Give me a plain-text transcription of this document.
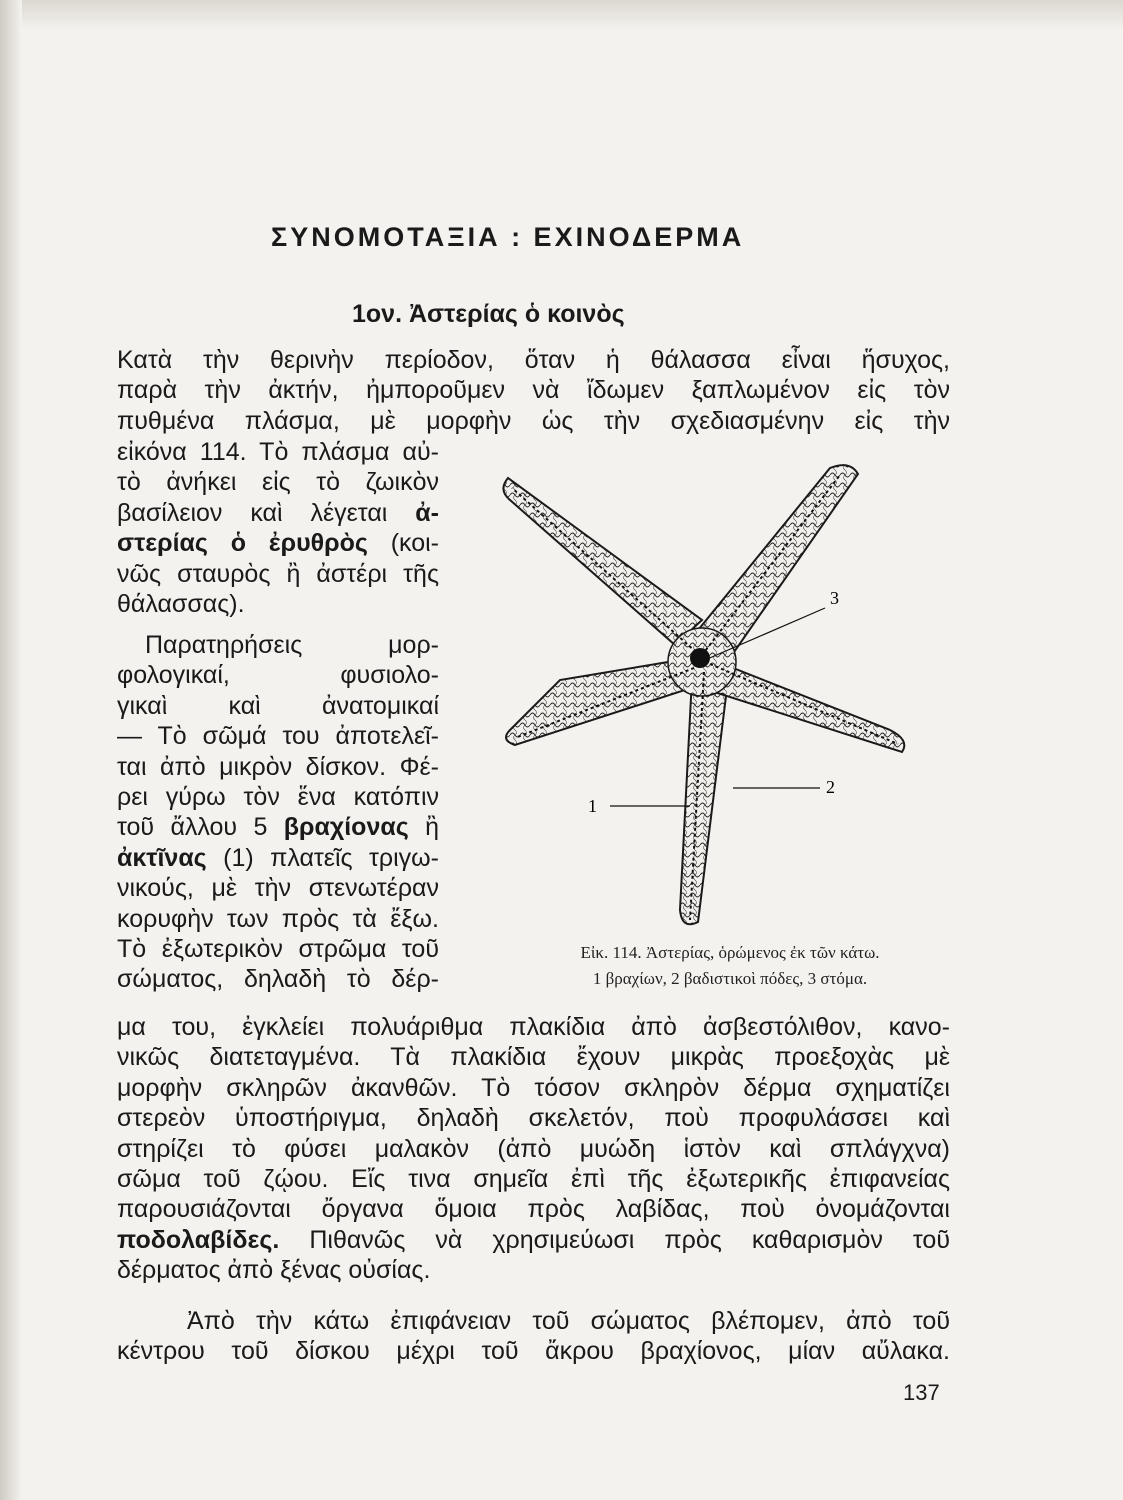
ΣΥΝΟΜΟΤΑΞΙΑ : ΕΧΙΝΟΔΕΡΜΑ
1ον. Ἀστερίας ὁ κοινὸς
Κατὰ τὴν θερινὴν περίοδον, ὅταν ἡ θάλασσα εἶναι ἥσυχος,
παρὰ τὴν ἀκτήν, ἠμποροῦμεν νὰ ἴδωμεν ξαπλωμένον εἰς τὸν
πυθμένα πλάσμα, μὲ μορφὴν ὡς τὴν σχεδιασμένην εἰς τὴν
εἰκόνα 114. Τὸ πλάσμα αὐ-
τὸ ἀνήκει εἰς τὸ ζωικὸν
βασίλειον καὶ λέγεται ἀ-
στερίας ὁ ἐρυθρὸς (κοι-
νῶς σταυρὸς ἢ ἀστέρι τῆς
θάλασσας).
Παρατηρήσεις μορ-
φολογικαί, φυσιολο-
γικαὶ καὶ ἀνατομικαί
— Τὸ σῶμά του ἀποτελεῖ-
ται ἀπὸ μικρὸν δίσκον. Φέ-
ρει γύρω τὸν ἕνα κατόπιν
τοῦ ἄλλου 5 βραχίονας ἢ
ἀκτῖνας (1) πλατεῖς τριγω-
νικούς, μὲ τὴν στενωτέραν
κορυφὴν των πρὸς τὰ ἔξω.
Τὸ ἐξωτερικὸν στρῶμα τοῦ
σώματος, δηλαδὴ τὸ δέρ-
μα του, ἐγκλείει πολυάριθμα πλακίδια ἀπὸ ἀσβεστόλιθον, κανο-
νικῶς διατεταγμένα. Τὰ πλακίδια ἔχουν μικρὰς προεξοχὰς μὲ
μορφὴν σκληρῶν ἀκανθῶν. Τὸ τόσον σκληρὸν δέρμα σχηματίζει
στερεὸν ὑποστήριγμα, δηλαδὴ σκελετόν, ποὺ προφυλάσσει καὶ
στηρίζει τὸ φύσει μαλακὸν (ἀπὸ μυώδη ἱστὸν καὶ σπλάγχνα)
σῶμα τοῦ ζῴου. Εἴς τινα σημεῖα ἐπὶ τῆς ἐξωτερικῆς ἐπιφανείας
παρουσιάζονται ὄργανα ὅμοια πρὸς λαβίδας, ποὺ ὀνομάζονται
ποδολαβίδες. Πιθανῶς νὰ χρησιμεύωσι πρὸς καθαρισμὸν τοῦ
δέρματος ἀπὸ ξένας οὐσίας.
Ἀπὸ τὴν κάτω ἐπιφάνειαν τοῦ σώματος βλέπομεν, ἀπὸ τοῦ
κέντρου τοῦ δίσκου μέχρι τοῦ ἄκρου βραχίονος, μίαν αὔλακα.
3
2
1
Εἰκ. 114. Ἀστερίας, ὁρώμενος ἐκ τῶν κάτω.
1 βραχίων, 2 βαδιστικοὶ πόδες, 3 στόμα.
137
